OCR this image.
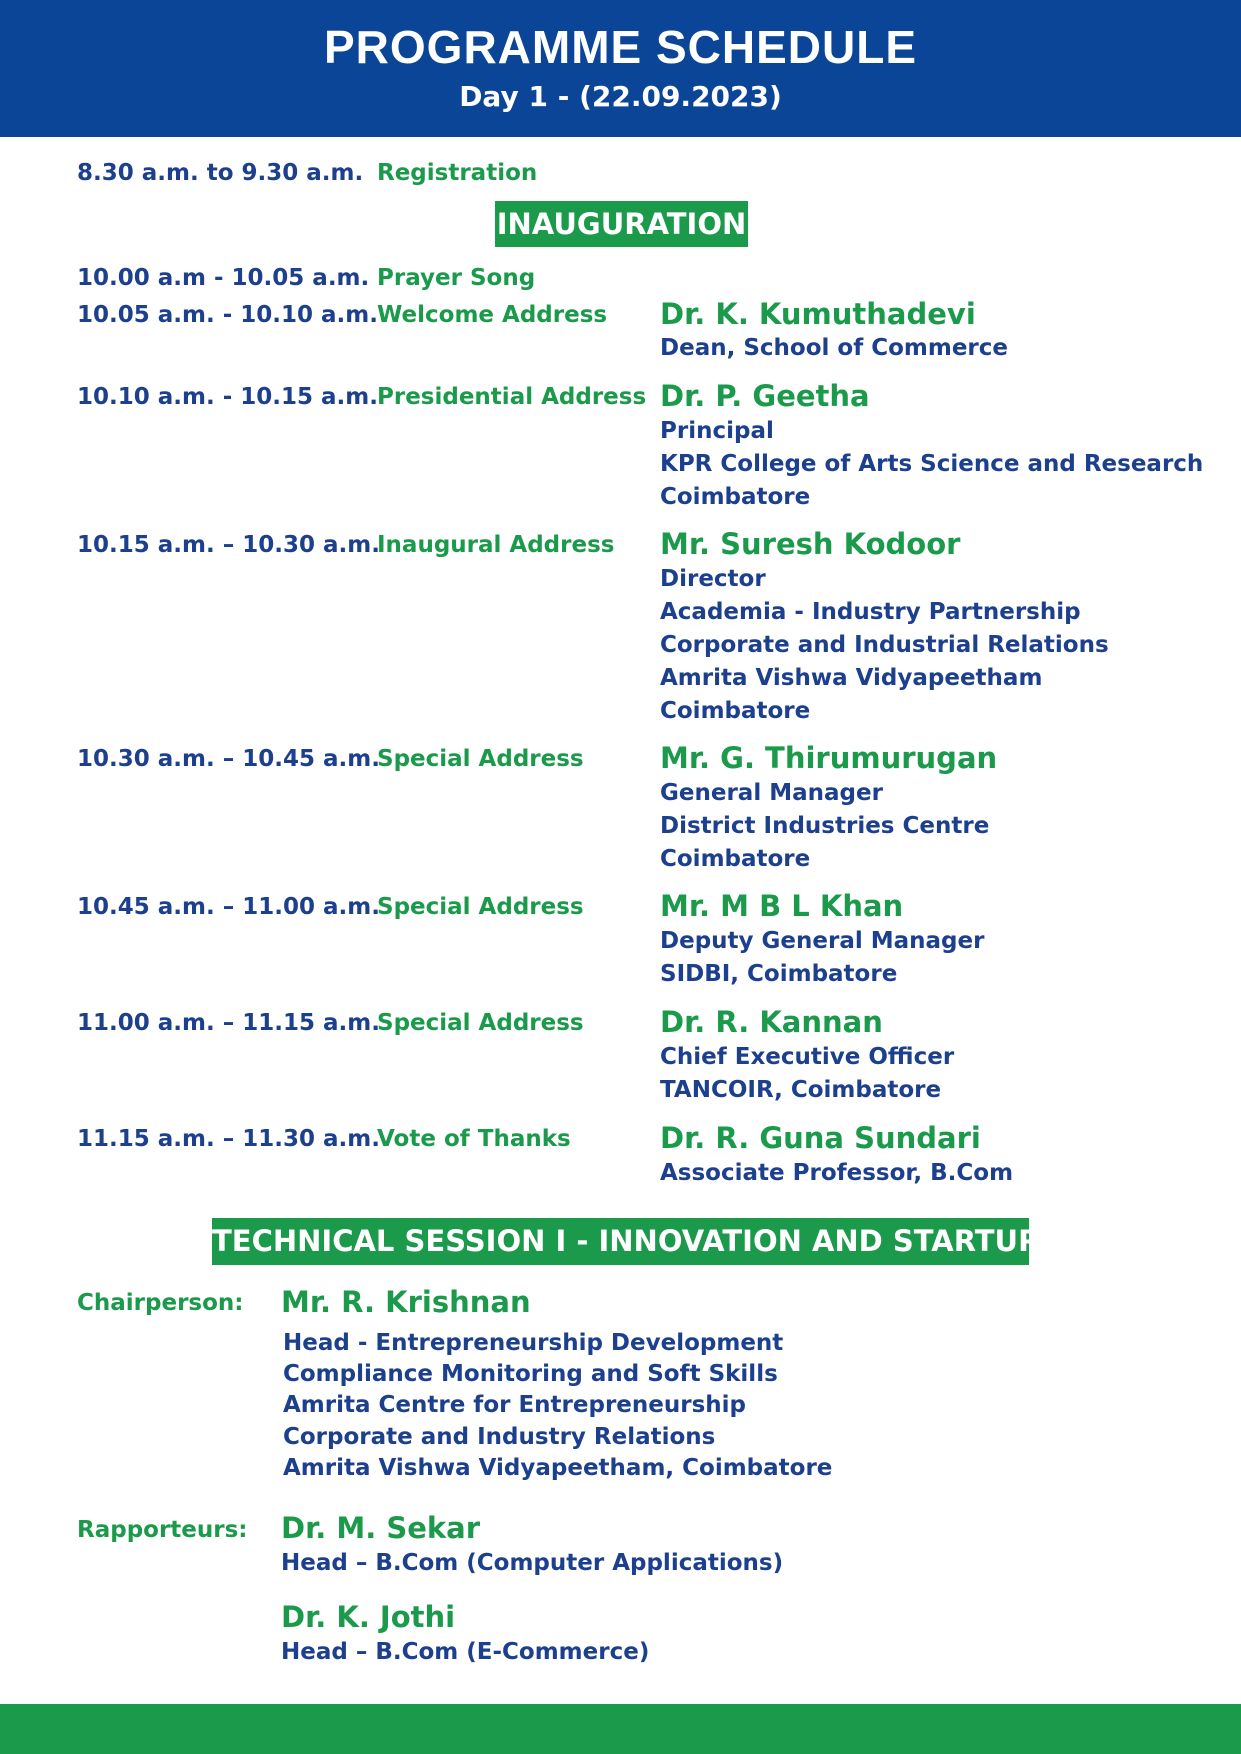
PROGRAMME SCHEDULE
Day 1 - (22.09.2023)
8.30 a.m. to 9.30 a.m. Registration
INAUGURATION
10.00 a.m - 10.05 a.m. Prayer Song
10.05 a.m. - 10.10 a.m. Welcome Address Dr. K. Kumuthadevi
Dean, School of Commerce
10.10 a.m. - 10.15 a.m. Presidential Address Dr. P. Geetha
Principal
KPR College of Arts Science and Research
Coimbatore
10.15 a.m. – 10.30 a.m.
Inaugural Address Mr. Suresh Kodoor
Director
Academia - Industry Partnership
Corporate and Industrial Relations
Amrita Vishwa Vidyapeetham
Coimbatore
10.30 a.m. – 10.45 a.m.
Special Address	Mr. G. Thirumurugan
General Manager
District Industries Centre
Coimbatore
10.45 a.m. – 11.00 a.m.
Special Address	Mr. M B L Khan
Deputy General Manager
SIDBI, Coimbatore
11.00 a.m. – 11.15 a.m.
Special Address	Dr. R. Kannan
Chief Executive Officer
TANCOIR, Coimbatore
11.15 a.m. – 11.30 a.m.
Vote of Thanks	Dr. R. Guna Sundari
Associate Professor, B.Com
TECHNICAL SESSION I - INNOVATION AND STARTUPS
Chairperson: Mr. R. Krishnan
Head - Entrepreneurship Development
Compliance Monitoring and Soft Skills
Amrita Centre for Entrepreneurship
Corporate and Industry Relations
Amrita Vishwa Vidyapeetham, Coimbatore
Rapporteurs: Dr. M. Sekar
Head – B.Com (Computer Applications)
Dr. K. Jothi
Head – B.Com (E-Commerce)
